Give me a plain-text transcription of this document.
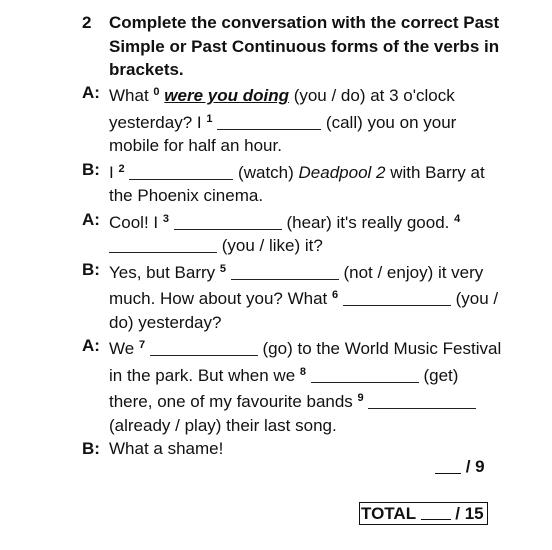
2 Complete the conversation with the correct Past Simple or Past Continuous forms of the verbs in brackets.
A: What $^0$ were you doing (you / do) at 3 o'clock yesterday? I $^1$	(call) you on your mobile for half an hour.
B: I $^2$	(watch) Deadpool 2 with Barry at the Phoenix cinema.
A: Cool! I $^3$	(hear) it's really good. $^4$  (you / like) it?
B: Yes, but Barry $^5$	(not / enjoy) it very much. How about you? What $^6$	(you / do) yesterday?
A: We $^7$	(go) to the World Music Festival in the park. But when we $^8$	(get) there, one of my favourite bands $^9$  (already / play) their last song.
B: What a shame!
/ 9
TOTAL / 15
